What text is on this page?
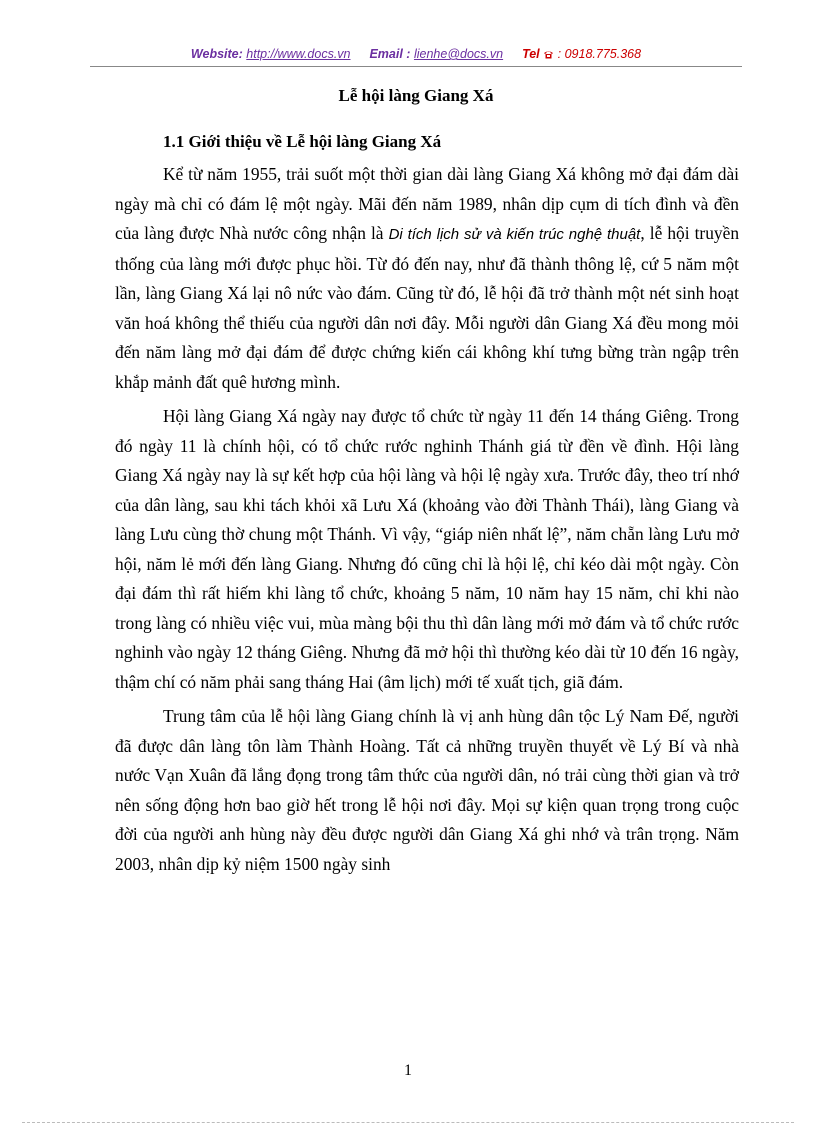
Website: http://www.docs.vn Email : lienhe@docs.vn Tel : 0918.775.368
Lễ hội làng Giang Xá
1.1 Giới thiệu về Lễ hội làng Giang Xá

Kể từ năm 1955, trải suốt một thời gian dài làng Giang Xá không mở đại đám dài ngày mà chỉ có đám lệ một ngày. Mãi đến năm 1989, nhân dịp cụm di tích đình và đền của làng được Nhà nước công nhận là Di tích lịch sử và kiến trúc nghệ thuật, lễ hội truyền thống của làng mới được phục hồi. Từ đó đến nay, như đã thành thông lệ, cứ 5 năm một lần, làng Giang Xá lại nô nức vào đám. Cũng từ đó, lễ hội đã trở thành một nét sinh hoạt văn hoá không thể thiếu của người dân nơi đây. Mỗi người dân Giang Xá đều mong mỏi đến năm làng mở đại đám để được chứng kiến cái không khí tưng bừng tràn ngập trên khắp mảnh đất quê hương mình.

Hội làng Giang Xá ngày nay được tổ chức từ ngày 11 đến 14 tháng Giêng. Trong đó ngày 11 là chính hội, có tổ chức rước nghinh Thánh giá từ đền về đình. Hội làng Giang Xá ngày nay là sự kết hợp của hội làng và hội lệ ngày xưa. Trước đây, theo trí nhớ của dân làng, sau khi tách khỏi xã Lưu Xá (khoảng vào đời Thành Thái), làng Giang và làng Lưu cùng thờ chung một Thánh. Vì vậy, “giáp niên nhất lệ”, năm chẵn làng Lưu mở hội, năm lẻ mới đến làng Giang. Nhưng đó cũng chỉ là hội lệ, chỉ kéo dài một ngày. Còn đại đám thì rất hiếm khi làng tổ chức, khoảng 5 năm, 10 năm hay 15 năm, chỉ khi nào trong làng có nhiều việc vui, mùa màng bội thu thì dân làng mới mở đám và tổ chức rước nghinh vào ngày 12 tháng Giêng. Nhưng đã mở hội thì thường kéo dài từ 10 đến 16 ngày, thậm chí có năm phải sang tháng Hai (âm lịch) mới tế xuất tịch, giã đám.

Trung tâm của lễ hội làng Giang chính là vị anh hùng dân tộc Lý Nam Đế, người đã được dân làng tôn làm Thành Hoàng. Tất cả những truyền thuyết về Lý Bí và nhà nước Vạn Xuân đã lắng đọng trong tâm thức của người dân, nó trải cùng thời gian và trở nên sống động hơn bao giờ hết trong lễ hội nơi đây. Mọi sự kiện quan trọng trong cuộc đời của người anh hùng này đều được người dân Giang Xá ghi nhớ và trân trọng. Năm 2003, nhân dịp kỷ niệm 1500 ngày sinh

1
